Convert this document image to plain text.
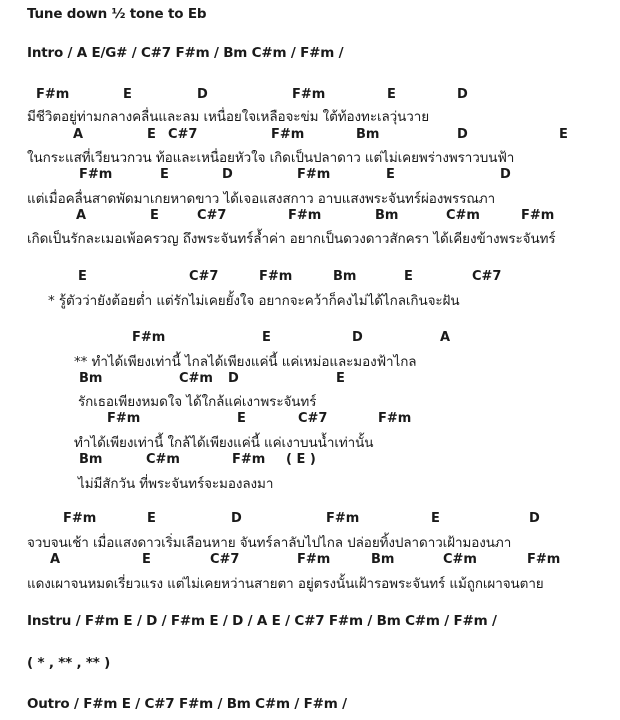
Tune down ½ tone to Eb
Intro / A E/G# / C#7 F#m / Bm C#m / F#m /
F#m	E	D	F#m	E	D
มีชีวิตอยู่ท่ามกลางคลื่นและลม เหนื่อยใจเหลือจะข่ม ใต้ท้องทะเลวุ่นวาย
A	E C#7	F#m	Bm	D	E
ในกระแสที่เวียนวกวน ท้อและเหนื่อยหัวใจ เกิดเป็นปลาดาว แต่ไม่เคยพร่างพราวบนฟ้า
F#m	E	D	F#m	E	D
แต่เมื่อคลื่นสาดพัดมาเกยหาดขาว ได้เจอแสงสกาว อาบแสงพระจันทร์ผ่องพรรณภา
A	E	C#7	F#m	Bm	C#m	F#m
เกิดเป็นรักละเมอเพ้อครวญ ถึงพระจันทร์ล้ำค่า อยากเป็นดวงดาวสักครา ได้เคียงข้างพระจันทร์
E	C#7	F#m	Bm	E	C#7
* รู้ตัวว่ายังต้อยต่ำ แต่รักไม่เคยยั้งใจ อยากจะคว้าก็คงไม่ได้ไกลเกินจะฝัน
F#m	E	D	A
** ทำได้เพียงเท่านี้ ไกลได้เพียงแค่นี้ แค่เหม่อและมองฟ้าไกล
Bm	C#m D	E
รักเธอเพียงหมดใจ ได้ใกล้แค่เงาพระจันทร์
F#m	E	C#7	F#m
ทำได้เพียงเท่านี้ ใกล้ได้เพียงแค่นี้ แค่เงาบนน้ำเท่านั้น
Bm	C#m	F#m ( E )
ไม่มีสักวัน ที่พระจันทร์จะมองลงมา
F#m	E	D	F#m	E	D
จวบจนเช้า เมื่อแสงดาวเริ่มเลือนหาย จันทร์ลาลับไปไกล ปล่อยทิ้งปลาดาวเฝ้ามองนภา
A	E	C#7	F#m	Bm	C#m	F#m
แดงเผาจนหมดเรี่ยวแรง แต่ไม่เคยหว่านสายตา อยู่ตรงนั้นเฝ้ารอพระจันทร์ แม้ถูกเผาจนตาย
Instru / F#m E / D / F#m E / D / A E / C#7 F#m / Bm C#m / F#m /
( * , ** , ** )
Outro / F#m E / C#7 F#m / Bm C#m / F#m /
